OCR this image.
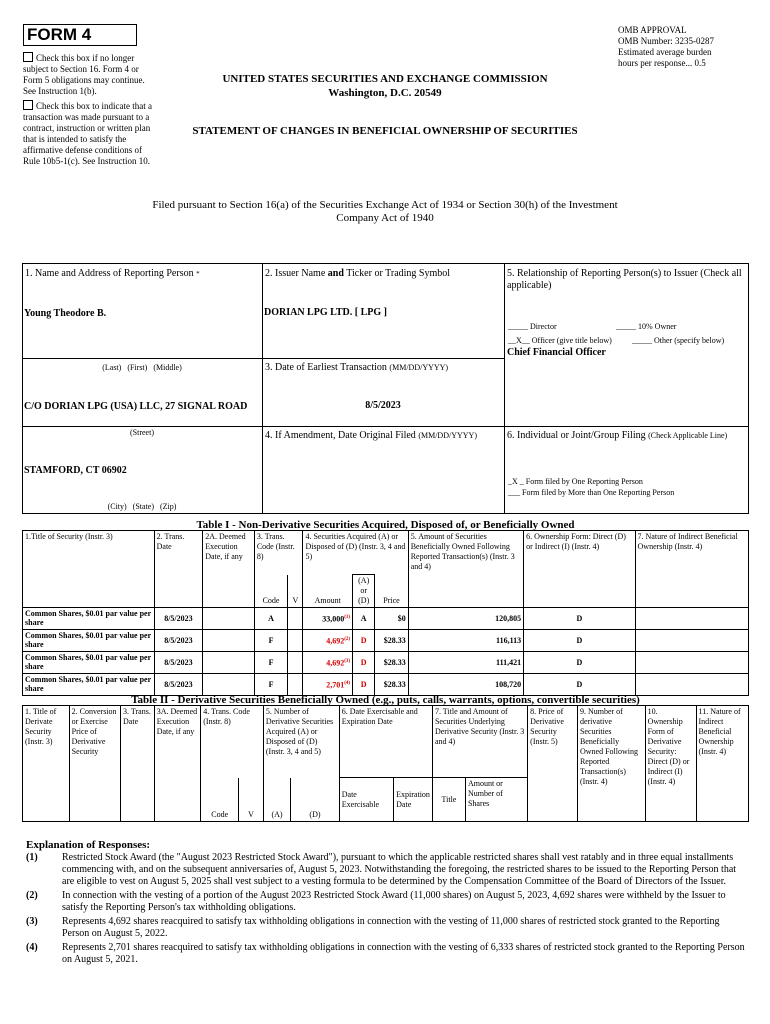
FORM 4
Check this box if no longer subject to Section 16. Form 4 or Form 5 obligations may continue. See Instruction 1(b).
Check this box to indicate that a transaction was made pursuant to a contract, instruction or written plan that is intended to satisfy the affirmative defense conditions of Rule 10b5-1(c). See Instruction 10.
UNITED STATES SECURITIES AND EXCHANGE COMMISSION
Washington, D.C. 20549
STATEMENT OF CHANGES IN BENEFICIAL OWNERSHIP OF SECURITIES
OMB APPROVAL
OMB Number: 3235-0287
Estimated average burden
hours per response... 0.5
Filed pursuant to Section 16(a) of the Securities Exchange Act of 1934 or Section 30(h) of the Investment Company Act of 1940
1. Name and Address of Reporting Person *
Young Theodore B.
(Last)   (First)   (Middle)
C/O DORIAN LPG (USA) LLC, 27 SIGNAL ROAD
(Street)
STAMFORD, CT 06902
(City)   (State)   (Zip)
2. Issuer Name and Ticker or Trading Symbol
DORIAN LPG LTD. [ LPG ]
3. Date of Earliest Transaction (MM/DD/YYYY)
8/5/2023
4. If Amendment, Date Original Filed (MM/DD/YYYY)
5. Relationship of Reporting Person(s) to Issuer (Check all applicable)
_____ Director	_____ 10% Owner
__X__ Officer (give title below)	_____ Other (specify below)
Chief Financial Officer
6. Individual or Joint/Group Filing (Check Applicable Line)
_X _ Form filed by One Reporting Person
___ Form filed by More than One Reporting Person
Table I - Non-Derivative Securities Acquired, Disposed of, or Beneficially Owned
1.Title of Security (Instr. 3)	2. Trans. Date	2A. Deemed Execution Date, if any	3. Trans. Code (Instr. 8)		4. Securities Acquired (A) or Disposed of (D) (Instr. 3, 4 and 5)			5. Amount of Securities Beneficially Owned Following Reported Transaction(s) (Instr. 3 and 4)	6. Ownership Form: Direct (D) or Indirect (I) (Instr. 4)	7. Nature of Indirect Beneficial Ownership (Instr. 4)
			Code	V	Amount	(A) or (D)	Price			
Common Shares, $0.01 par value per share	8/5/2023		A		33,000$^{(1)}$	A	$0	120,805	D	
Common Shares, $0.01 par value per share	8/5/2023		F		4,692$^{(2)}$	D	$28.33	116,113	D	
Common Shares, $0.01 par value per share	8/5/2023		F		4,692$^{(3)}$	D	$28.33	111,421	D	
Common Shares, $0.01 par value per share	8/5/2023		F		2,701$^{(4)}$	D	$28.33	108,720	D	
Table II - Derivative Securities Beneficially Owned (e.g., puts, calls, warrants, options, convertible securities)
1. Title of Derivate Security (Instr. 3)	2. Conversion or Exercise Price of Derivative Security	3. Trans. Date	3A. Deemed Execution Date, if any	4. Trans. Code (Instr. 8)		5. Number of Derivative Securities Acquired (A) or Disposed of (D) (Instr. 3, 4 and 5)		6. Date Exercisable and Expiration Date		7. Title and Amount of Securities Underlying Derivative Security (Instr. 3 and 4)		8. Price of Derivative Security (Instr. 5)	9. Number of derivative Securities Beneficially Owned Following Reported Transaction(s) (Instr. 4)	10. Ownership Form of Derivative Security: Direct (D) or Indirect (I) (Instr. 4)	11. Nature of Indirect Beneficial Ownership (Instr. 4)
				Code	V	(A)	(D)	Date Exercisable	Expiration Date	Title	Amount or Number of Shares				
Explanation of Responses:
(1)	Restricted Stock Award (the "August 2023 Restricted Stock Award"), pursuant to which the applicable restricted shares shall vest ratably and in three equal installments commencing with, and on the subsequent anniversaries of, August 5, 2023. Notwithstanding the foregoing, the restricted shares to be issued to the Reporting Person that are eligible to vest on August 5, 2025 shall vest subject to a vesting formula to be determined by the Compensation Committee of the Board of Directors of the Issuer.
(2)	In connection with the vesting of a portion of the August 2023 Restricted Stock Award (11,000 shares) on August 5, 2023, 4,692 shares were withheld by the Issuer to satisfy the Reporting Person's tax withholding obligations.
(3)	Represents 4,692 shares reacquired to satisfy tax withholding obligations in connection with the vesting of 11,000 shares of restricted stock granted to the Reporting Person on August 5, 2022.
(4)	Represents 2,701 shares reacquired to satisfy tax withholding obligations in connection with the vesting of 6,333 shares of restricted stock granted to the Reporting Person on August 5, 2021.
